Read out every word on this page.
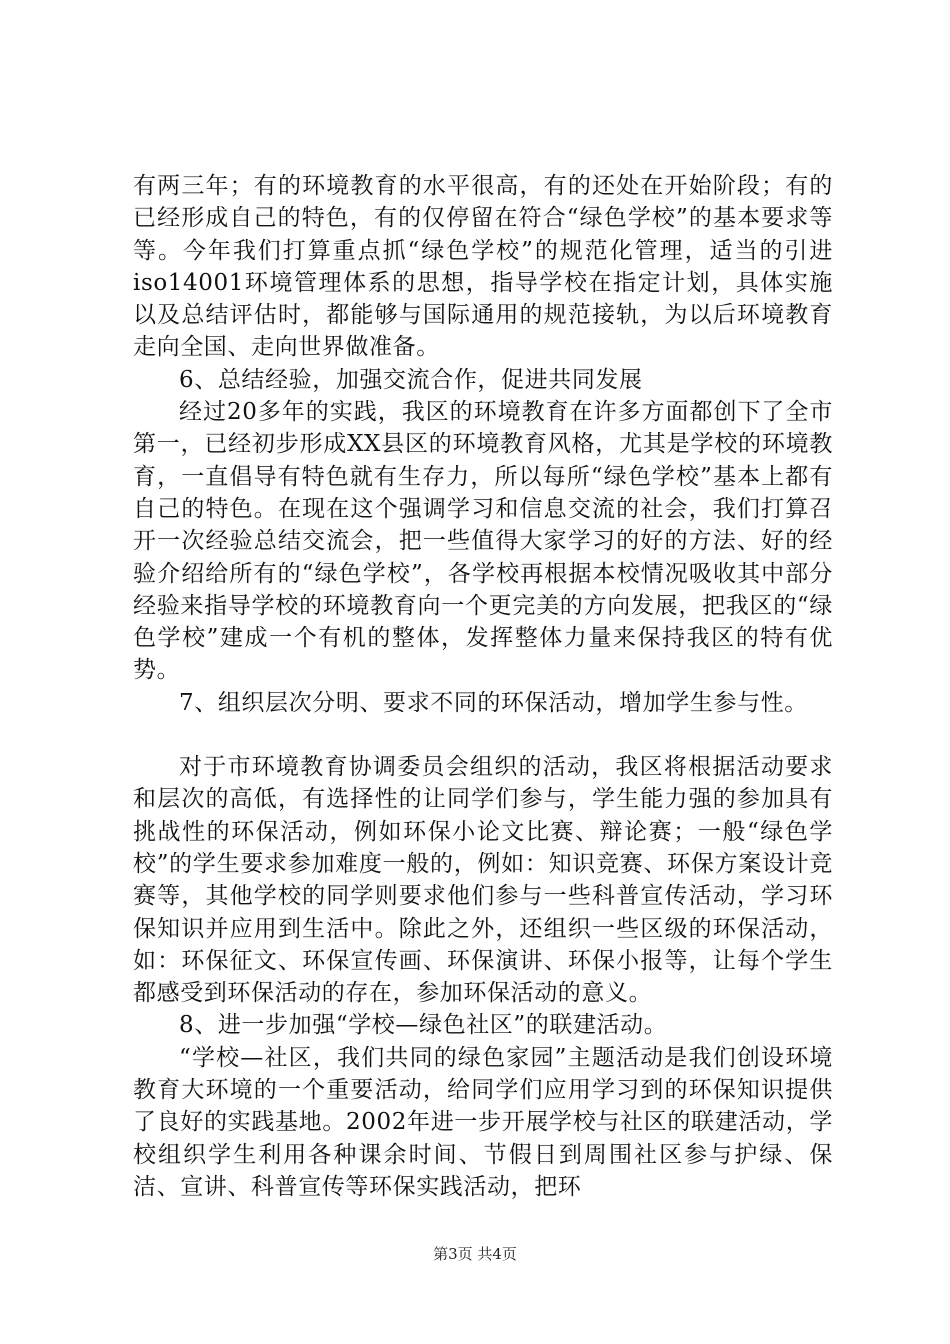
有两三年；有的环境教育的水平很高，有的还处在开始阶段；有的已经形成自己的特色，有的仅停留在符合“绿色学校”的基本要求等等。今年我们打算重点抓“绿色学校”的规范化管理，适当的引进iso14001环境管理体系的思想，指导学校在指定计划，具体实施以及总结评估时，都能够与国际通用的规范接轨，为以后环境教育走向全国、走向世界做准备。

6、总结经验，加强交流合作，促进共同发展

经过20多年的实践，我区的环境教育在许多方面都创下了全市第一，已经初步形成XX县区的环境教育风格，尤其是学校的环境教育，一直倡导有特色就有生存力，所以每所“绿色学校”基本上都有自己的特色。在现在这个强调学习和信息交流的社会，我们打算召开一次经验总结交流会，把一些值得大家学习的好的方法、好的经验介绍给所有的“绿色学校”，各学校再根据本校情况吸收其中部分经验来指导学校的环境教育向一个更完美的方向发展，把我区的“绿色学校”建成一个有机的整体，发挥整体力量来保持我区的特有优势。

7、组织层次分明、要求不同的环保活动，增加学生参与性。

对于市环境教育协调委员会组织的活动，我区将根据活动要求和层次的高低，有选择性的让同学们参与，学生能力强的参加具有挑战性的环保活动，例如环保小论文比赛、辩论赛；一般“绿色学校”的学生要求参加难度一般的，例如：知识竞赛、环保方案设计竞赛等，其他学校的同学则要求他们参与一些科普宣传活动，学习环保知识并应用到生活中。除此之外，还组织一些区级的环保活动，如：环保征文、环保宣传画、环保演讲、环保小报等，让每个学生都感受到环保活动的存在，参加环保活动的意义。

8、进一步加强“学校—绿色社区”的联建活动。

“学校—社区，我们共同的绿色家园”主题活动是我们创设环境教育大环境的一个重要活动，给同学们应用学习到的环保知识提供了良好的实践基地。2002年进一步开展学校与社区的联建活动，学校组织学生利用各种课余时间、节假日到周围社区参与护绿、保洁、宣讲、科普宣传等环保实践活动，把环

第3页 共4页
